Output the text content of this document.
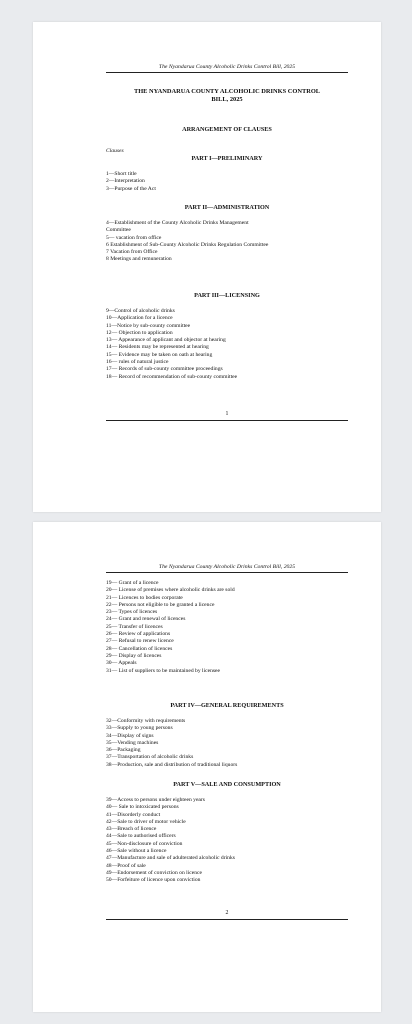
The Nyandarua County Alcoholic Drinks Control Bill, 2025
THE NYANDARUA COUNTY ALCOHOLIC DRINKS CONTROL
BILL, 2025
ARRANGEMENT OF CLAUSES
Clauses
PART I—PRELIMINARY
1—Short title
2—Interpretation
3—Purpose of the Act
PART II—ADMINISTRATION
4—Establishment of the County Alcoholic Drinks Management
Committee
5— vacation from office
6 Establishment of Sub-County Alcoholic Drinks Regulation Committee
7 Vacation from Office
8 Meetings and remuneration
PART III—LICENSING
9—Control of alcoholic drinks
10—Application for a licence
11—Notice by sub-county committee
12— Objection to application
13— Appearance of applicant and objector at hearing
14— Residents may be represented at hearing
15— Evidence may be taken on oath at hearing
16— rules of natural justice
17— Records of sub-county committee proceedings
18— Record of recommendation of sub-county committee
1
The Nyandarua County Alcoholic Drinks Control Bill, 2025
19— Grant of a licence
20— License of premises where alcoholic drinks are sold
21— Licences to bodies corporate
22— Persons not eligible to be granted a licence
23— Types of licences
24— Grant and renewal of licences
25— Transfer of licences
26— Review of applications
27— Refusal to renew licence
28— Cancellation of licences
29— Display of licences
30— Appeals
31— List of suppliers to be maintained by licensee
PART IV—GENERAL REQUIREMENTS
32—Conformity with requirements
33—Supply to young persons
34—Display of signs
35—Vending machines
36—Packaging
37—Transportation of alcoholic drinks
38—Production, sale and distribution of traditional liquors
PART V—SALE AND CONSUMPTION
39—Access to persons under eighteen years
40— Sale to intoxicated persons
41—Disorderly conduct
42—Sale to driver of motor vehicle
43—Breach of licence
44—Sale to authorised officers
45—Non-disclosure of conviction
46—Sale without a licence
47—Manufacture and sale of adulterated alcoholic drinks
48—Proof of sale
49—Endorsement of conviction on licence
50—Forfeiture of licence upon conviction
2
